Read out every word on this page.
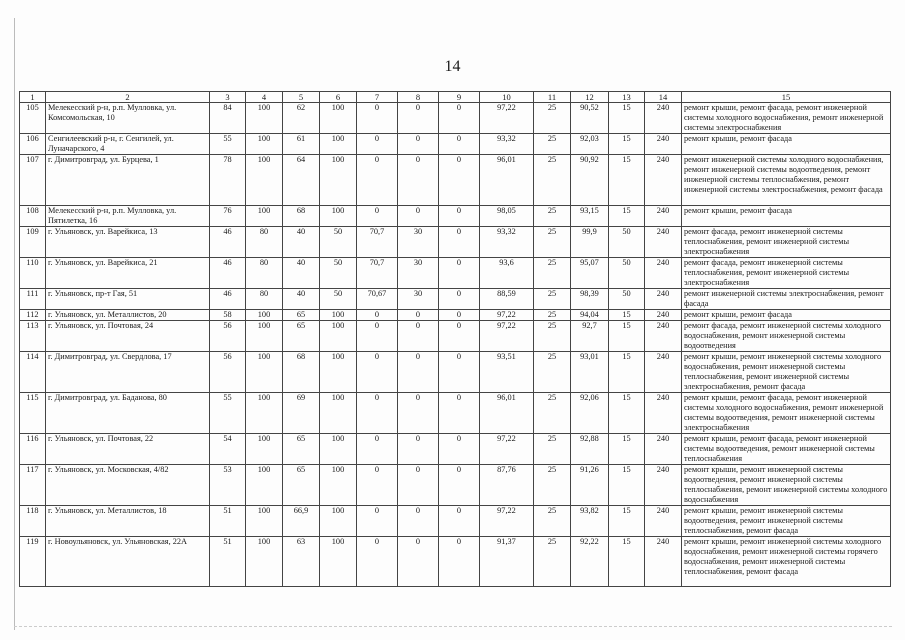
14
1	2	3	4	5	6	7	8	9	10	11	12	13	14	15
105	Мелекесский р-н, р.п. Мулловка, ул. Комсомольская, 10	84	100	62	100	0	0	0	97,22	25	90,52	15	240	ремонт крыши, ремонт фасада, ремонт инженерной системы холодного водоснабжения, ремонт инженерной системы электроснабжения
106	Сенгилеевский р-н, г. Сенгилей, ул. Луначарского, 4	55	100	61	100	0	0	0	93,32	25	92,03	15	240	ремонт крыши, ремонт фасада
107	г. Димитровград, ул. Бурцева, 1	78	100	64	100	0	0	0	96,01	25	90,92	15	240	ремонт инженерной системы холодного водоснабжения, ремонт инженерной системы водоотведения, ремонт инженерной системы теплоснабжения, ремонт инженерной системы электроснабжения, ремонт фасада
108	Мелекесский р-н, р.п. Мулловка, ул. Пятилетка, 16	76	100	68	100	0	0	0	98,05	25	93,15	15	240	ремонт крыши, ремонт фасада
109	г. Ульяновск, ул. Варейкиса, 13	46	80	40	50	70,7	30	0	93,32	25	99,9	50	240	ремонт фасада, ремонт инженерной системы теплоснабжения, ремонт инженерной системы электроснабжения
110	г. Ульяновск, ул. Варейкиса, 21	46	80	40	50	70,7	30	0	93,6	25	95,07	50	240	ремонт фасада, ремонт инженерной системы теплоснабжения, ремонт инженерной системы электроснабжения
111	г. Ульяновск, пр-т Гая, 51	46	80	40	50	70,67	30	0	88,59	25	98,39	50	240	ремонт инженерной системы электроснабжения, ремонт фасада
112	г. Ульяновск, ул. Металлистов, 20	58	100	65	100	0	0	0	97,22	25	94,04	15	240	ремонт крыши, ремонт фасада
113	г. Ульяновск, ул. Почтовая, 24	56	100	65	100	0	0	0	97,22	25	92,7	15	240	ремонт фасада, ремонт инженерной системы холодного водоснабжения, ремонт инженерной системы водоотведения
114	г. Димитровград, ул. Свердлова, 17	56	100	68	100	0	0	0	93,51	25	93,01	15	240	ремонт крыши, ремонт инженерной системы холодного водоснабжения, ремонт инженерной системы теплоснабжения, ремонт инженерной системы электроснабжения, ремонт фасада
115	г. Димитровград, ул. Баданова, 80	55	100	69	100	0	0	0	96,01	25	92,06	15	240	ремонт крыши, ремонт фасада, ремонт инженерной системы холодного водоснабжения, ремонт инженерной системы водоотведения, ремонт инженерной системы электроснабжения
116	г. Ульяновск, ул. Почтовая, 22	54	100	65	100	0	0	0	97,22	25	92,88	15	240	ремонт крыши, ремонт фасада, ремонт инженерной системы водоотведения, ремонт инженерной системы теплоснабжения
117	г. Ульяновск, ул. Московская, 4/82	53	100	65	100	0	0	0	87,76	25	91,26	15	240	ремонт крыши, ремонт инженерной системы водоотведения, ремонт инженерной системы теплоснабжения, ремонт инженерной системы холодного водоснабжения
118	г. Ульяновск, ул. Металлистов, 18	51	100	66,9	100	0	0	0	97,22	25	93,82	15	240	ремонт крыши, ремонт инженерной системы водоотведения, ремонт инженерной системы теплоснабжения, ремонт фасада
119	г. Новоульяновск, ул. Ульяновская, 22А	51	100	63	100	0	0	0	91,37	25	92,22	15	240	ремонт крыши, ремонт инженерной системы холодного водоснабжения, ремонт инженерной системы горячего водоснабжения, ремонт инженерной системы теплоснабжения, ремонт фасада
